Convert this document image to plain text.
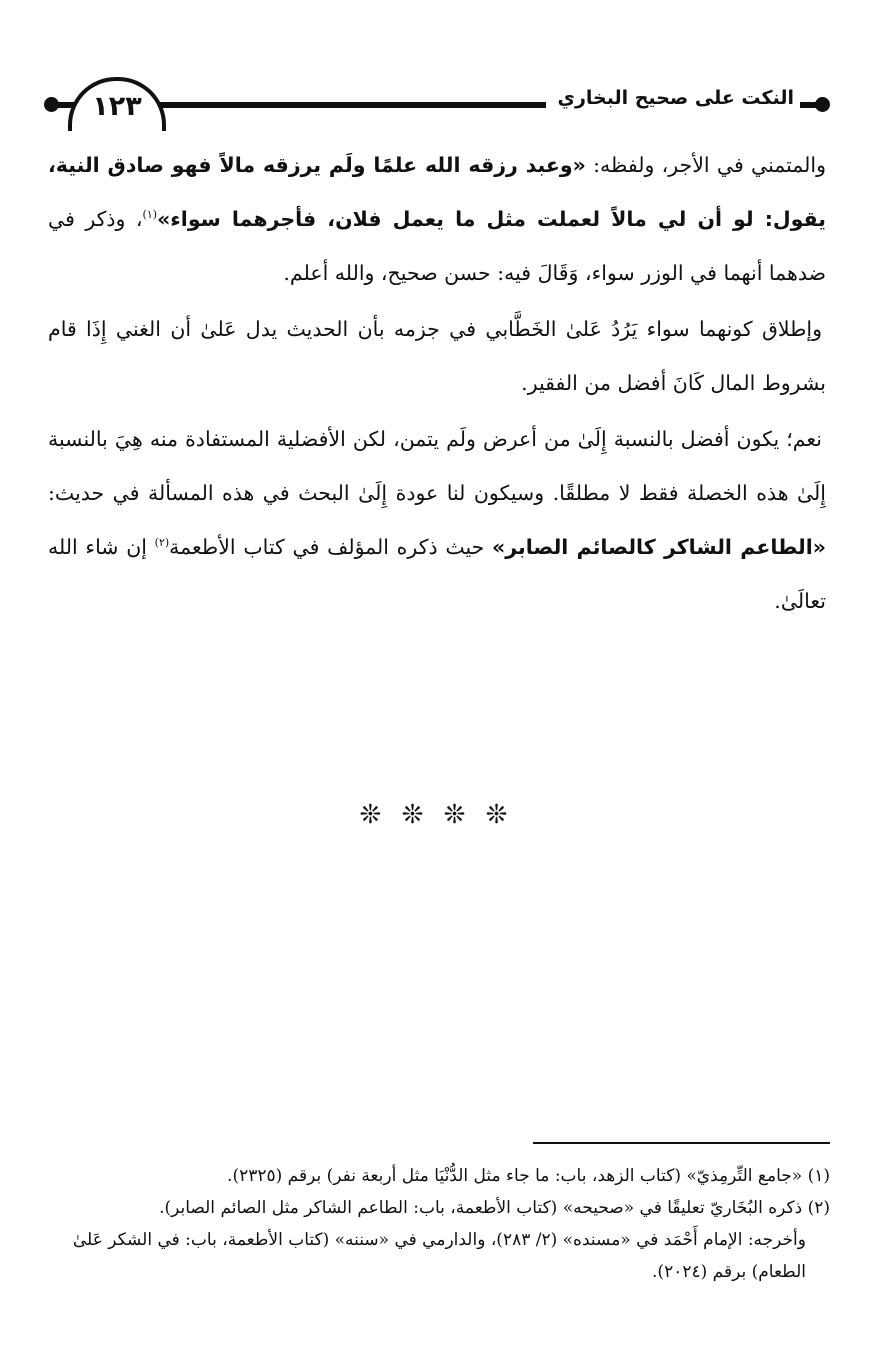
١٢٣	النكت على صحيح البخاري

والمتمني في الأجر، ولفظه: «وعبد رزقه الله علمًا ولَم يرزقه مالاً فهو صادق النية، يقول: لو أن لي مالاً لعملت مثل ما يعمل فلان، فأجرهما سواء»$^{(١)}$، وذكر في ضدهما أنهما في الوزر سواء، وَقَالَ فيه: حسن صحيح، والله أعلم.

وإطلاق كونهما سواء يَرُدُ عَلىٰ الخَطَّابي في جزمه بأن الحديث يدل عَلىٰ أن الغني إِذَا قام بشروط المال كَانَ أفضل من الفقير.

نعم؛ يكون أفضل بالنسبة إِلَىٰ من أعرض ولَم يتمن، لكن الأفضلية المستفادة منه هِيَ بالنسبة إِلَىٰ هذه الخصلة فقط لا مطلقًا. وسيكون لنا عودة إِلَىٰ البحث في هذه المسألة في حديث: «الطاعم الشاكر كالصائم الصابر» حيث ذكره المؤلف في كتاب الأطعمة$^{(٢)}$ إن شاء الله تعالَىٰ.

❊ ❊ ❊ ❊

(١) «جامع التِّرمِذيّ» (كتاب الزهد، باب: ما جاء مثل الدُّنْيَا مثل أربعة نفر) برقم (٢٣٢٥).

(٢) ذكره البُخَاريّ تعليقًا في «صحيحه» (كتاب الأطعمة، باب: الطاعم الشاكر مثل الصائم الصابر).

وأخرجه: الإمام أَحْمَد في «مسنده» (٢/ ٢٨٣)، والدارمي في «سننه» (كتاب الأطعمة، باب: في الشكر عَلىٰ الطعام) برقم (٢٠٢٤).
